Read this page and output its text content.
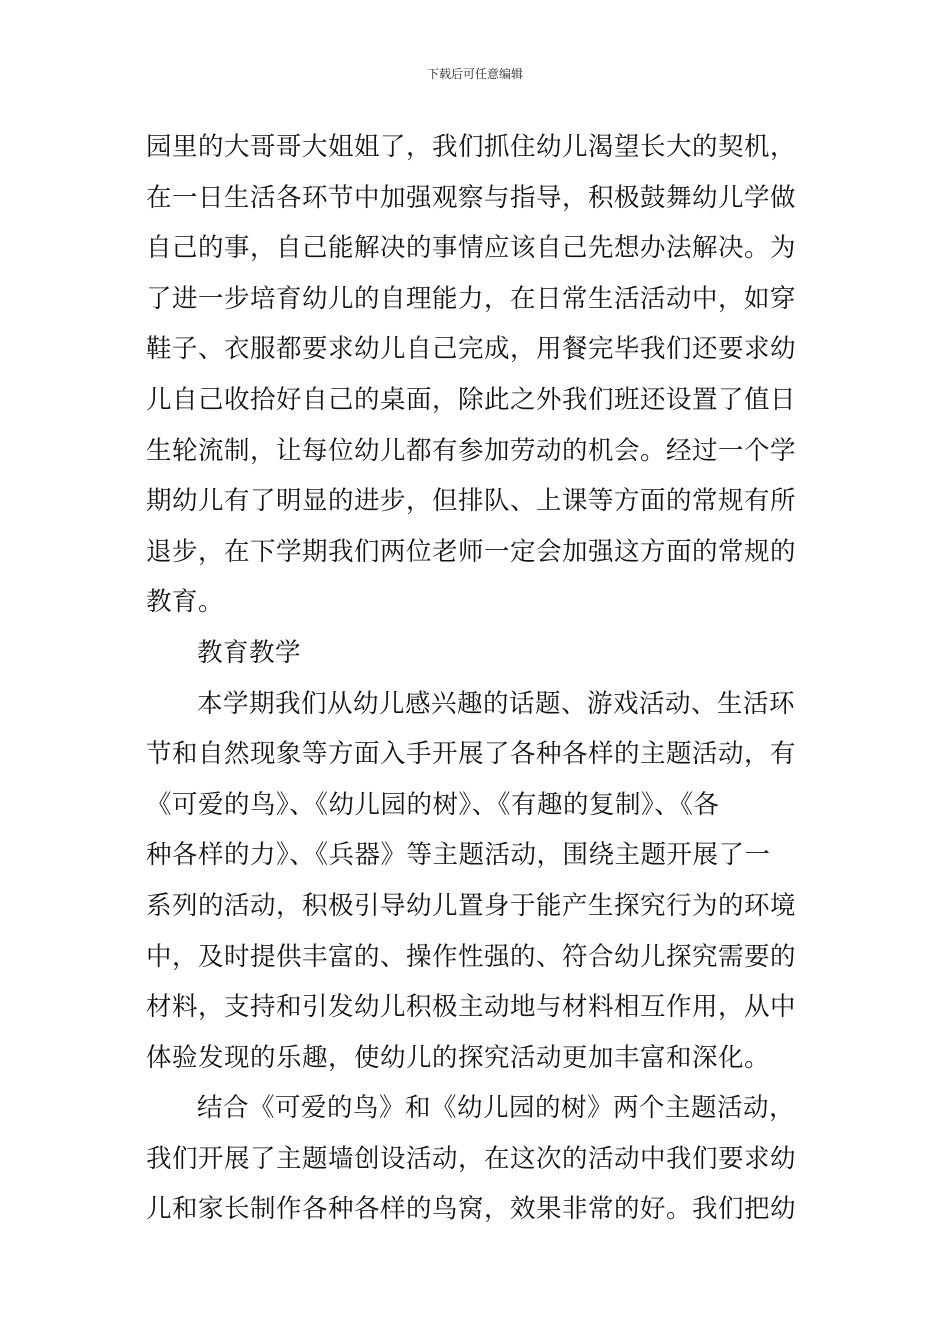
下载后可任意编辑
园里的大哥哥大姐姐了，我们抓住幼儿渴望长大的契机，
在一日生活各环节中加强观察与指导，积极鼓舞幼儿学做
自己的事，自己能解决的事情应该自己先想办法解决。为
了进一步培育幼儿的自理能力，在日常生活活动中，如穿
鞋子、衣服都要求幼儿自己完成，用餐完毕我们还要求幼
儿自己收拾好自己的桌面，除此之外我们班还设置了值日
生轮流制，让每位幼儿都有参加劳动的机会。经过一个学
期幼儿有了明显的进步，但排队、上课等方面的常规有所
退步，在下学期我们两位老师一定会加强这方面的常规的
教育。
教育教学
本学期我们从幼儿感兴趣的话题、游戏活动、生活环
节和自然现象等方面入手开展了各种各样的主题活动，有
《可爱的鸟》、《幼儿园的树》、《有趣的复制》、《各
种各样的力》、《兵器》等主题活动，围绕主题开展了一
系列的活动，积极引导幼儿置身于能产生探究行为的环境
中，及时提供丰富的、操作性强的、符合幼儿探究需要的
材料，支持和引发幼儿积极主动地与材料相互作用，从中
体验发现的乐趣，使幼儿的探究活动更加丰富和深化。
结合《可爱的鸟》和《幼儿园的树》两个主题活动，
我们开展了主题墙创设活动，在这次的活动中我们要求幼
儿和家长制作各种各样的鸟窝，效果非常的好。我们把幼
